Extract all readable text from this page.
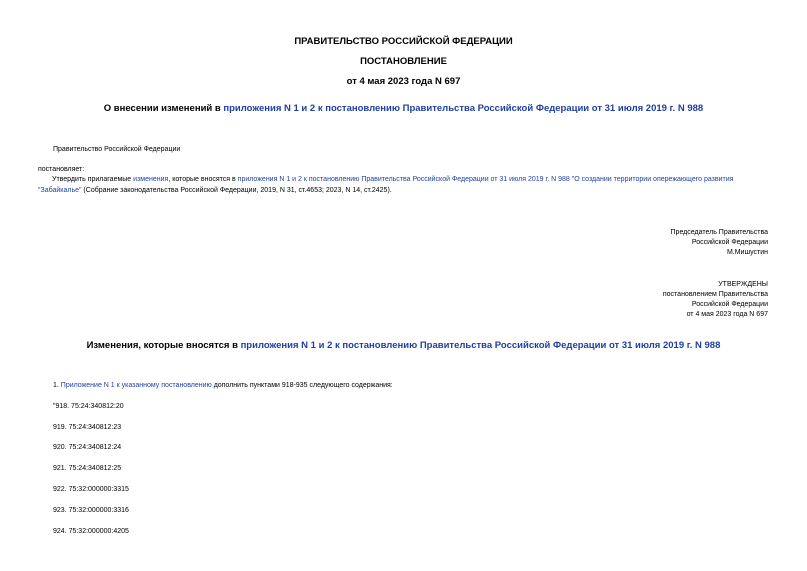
ПРАВИТЕЛЬСТВО РОССИЙСКОЙ ФЕДЕРАЦИИ
ПОСТАНОВЛЕНИЕ
от 4 мая 2023 года N 697
О внесении изменений в приложения N 1 и 2 к постановлению Правительства Российской Федерации от 31 июля 2019 г. N 988
Правительство Российской Федерации
постановляет:
Утвердить прилагаемые изменения, которые вносятся в приложения N 1 и 2 к постановлению Правительства Российской Федерации от 31 июля 2019 г. N 988 "О создании территории опережающего развития
"Забайкалье" (Собрание законодательства Российской Федерации, 2019, N 31, ст.4653; 2023, N 14, ст.2425).
Председатель Правительства
Российской Федерации
М.Мишустин
УТВЕРЖДЕНЫ
постановлением Правительства
Российской Федерации
от 4 мая 2023 года N 697
Изменения, которые вносятся в приложения N 1 и 2 к постановлению Правительства Российской Федерации от 31 июля 2019 г. N 988
1. Приложение N 1 к указанному постановлению дополнить пунктами 918-935 следующего содержания:
"918. 75:24:340812:20
919. 75:24:340812:23
920. 75:24:340812:24
921. 75:24:340812:25
922. 75:32:000000:3315
923. 75:32:000000:3316
924. 75:32:000000:4205
